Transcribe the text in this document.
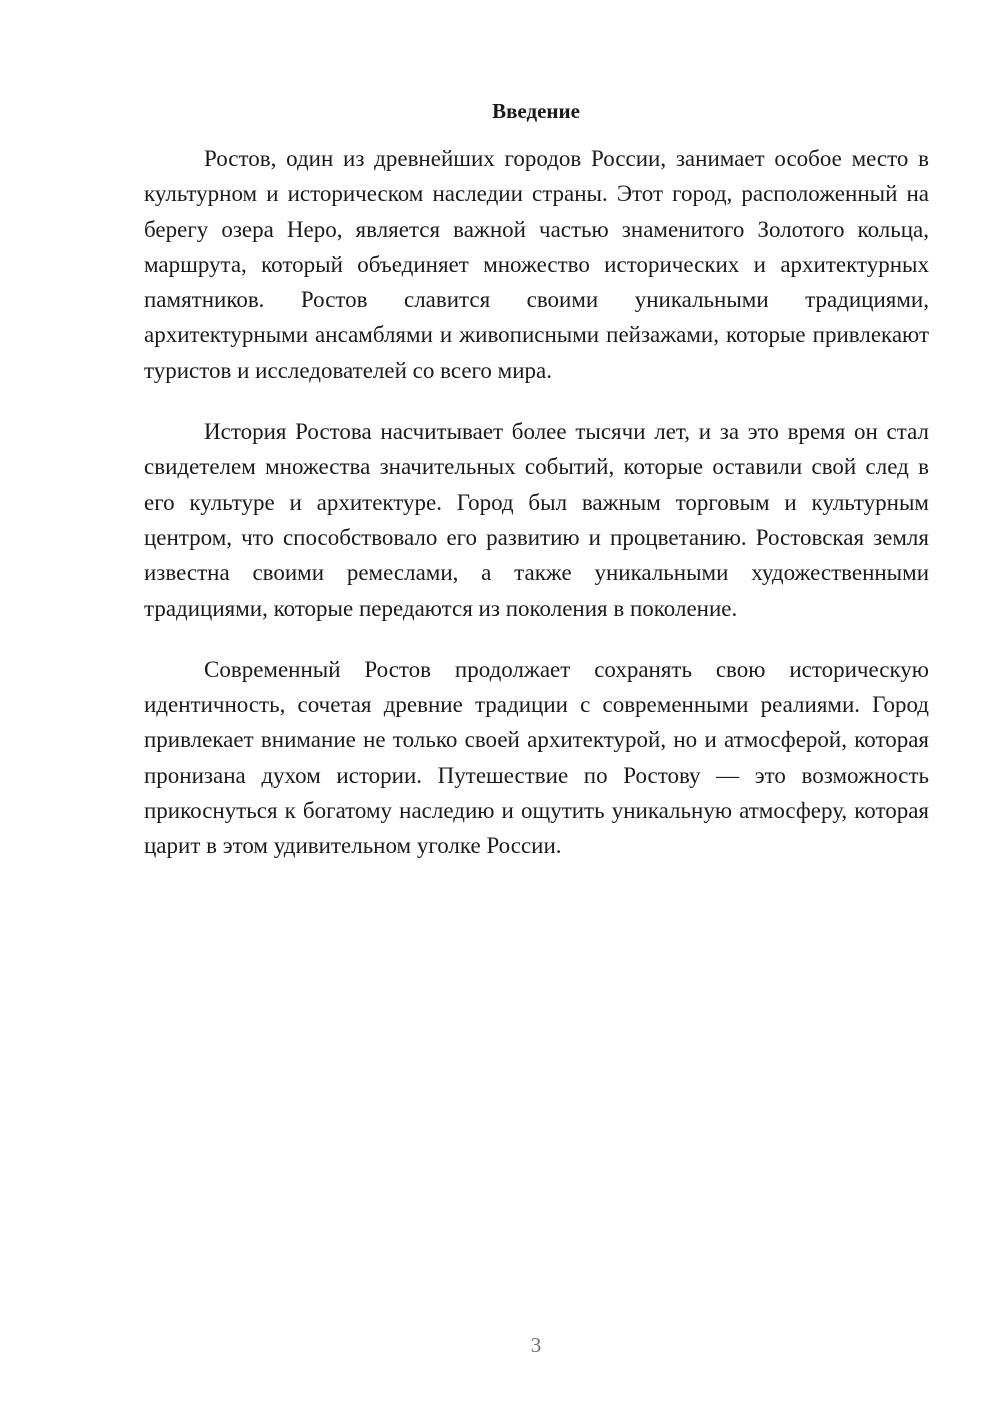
Введение

Ростов, один из древнейших городов России, занимает особое место в культурном и историческом наследии страны. Этот город, расположенный на берегу озера Неро, является важной частью знаменитого Золотого кольца, маршрута, который объединяет множество исторических и архитектурных памятников. Ростов славится своими уникальными традициями, архитектурными ансамблями и живописными пейзажами, которые привлекают туристов и исследователей со всего мира.

История Ростова насчитывает более тысячи лет, и за это время он стал свидетелем множества значительных событий, которые оставили свой след в его культуре и архитектуре. Город был важным торговым и культурным центром, что способствовало его развитию и процветанию. Ростовская земля известна своими ремеслами, а также уникальными художественными традициями, которые передаются из поколения в поколение.

Современный Ростов продолжает сохранять свою историческую идентичность, сочетая древние традиции с современными реалиями. Город привлекает внимание не только своей архитектурой, но и атмосферой, которая пронизана духом истории. Путешествие по Ростову — это возможность прикоснуться к богатому наследию и ощутить уникальную атмосферу, которая царит в этом удивительном уголке России.

3
